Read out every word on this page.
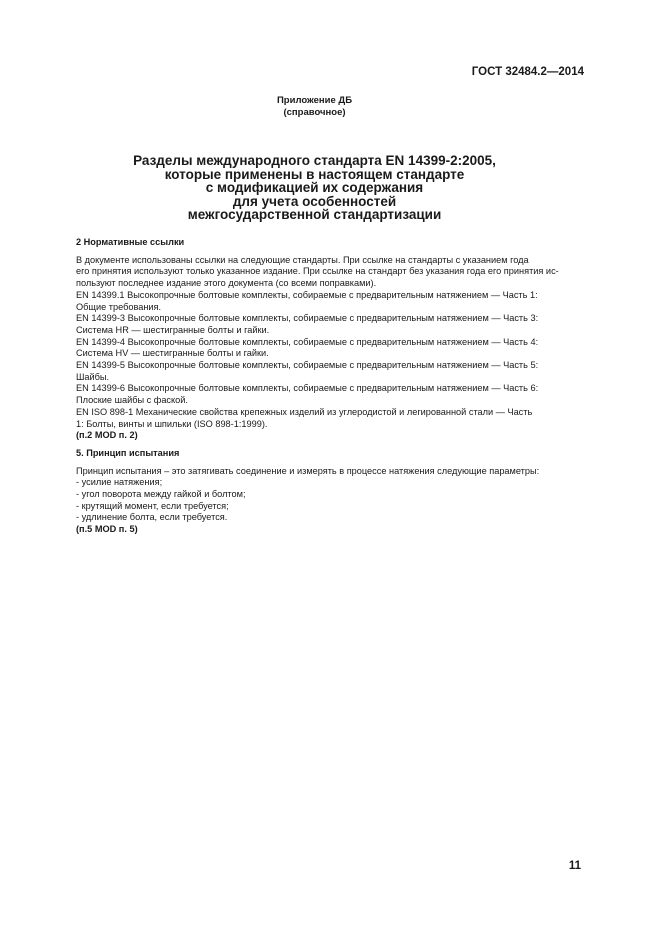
ГОСТ 32484.2—2014
Приложение ДБ
(справочное)
Разделы международного стандарта EN 14399-2:2005,
которые применены в настоящем стандарте
с модификацией их содержания
для учета особенностей
межгосударственной стандартизации
2 Нормативные ссылки
В документе использованы ссылки на следующие стандарты. При ссылке на стандарты с указанием года
его принятия используют только указанное издание. При ссылке на стандарт без указания года его принятия ис-
пользуют последнее издание этого документа (со всеми поправками).
EN 14399.1 Высокопрочные болтовые комплекты, собираемые с предварительным натяжением — Часть 1:
Общие требования.
EN 14399-3 Высокопрочные болтовые комплекты, собираемые с предварительным натяжением — Часть 3:
Система HR — шестигранные болты и гайки.
EN 14399-4 Высокопрочные болтовые комплекты, собираемые с предварительным натяжением — Часть 4:
Система HV — шестигранные болты и гайки.
EN 14399-5 Высокопрочные болтовые комплекты, собираемые с предварительным натяжением — Часть 5:
Шайбы.
EN 14399-6 Высокопрочные болтовые комплекты, собираемые с предварительным натяжением — Часть 6:
Плоские шайбы с фаской.
EN ISO 898-1 Механические свойства крепежных изделий из углеродистой и легированной стали — Часть
1: Болты, винты и шпильки (ISO 898-1:1999).
(п.2 MOD п. 2)
5. Принцип испытания
Принцип испытания – это затягивать соединение и измерять в процессе натяжения следующие параметры:
- усилие натяжения;
- угол поворота между гайкой и болтом;
- крутящий момент, если требуется;
- удлинение болта, если требуется.
(п.5 MOD п. 5)
11
